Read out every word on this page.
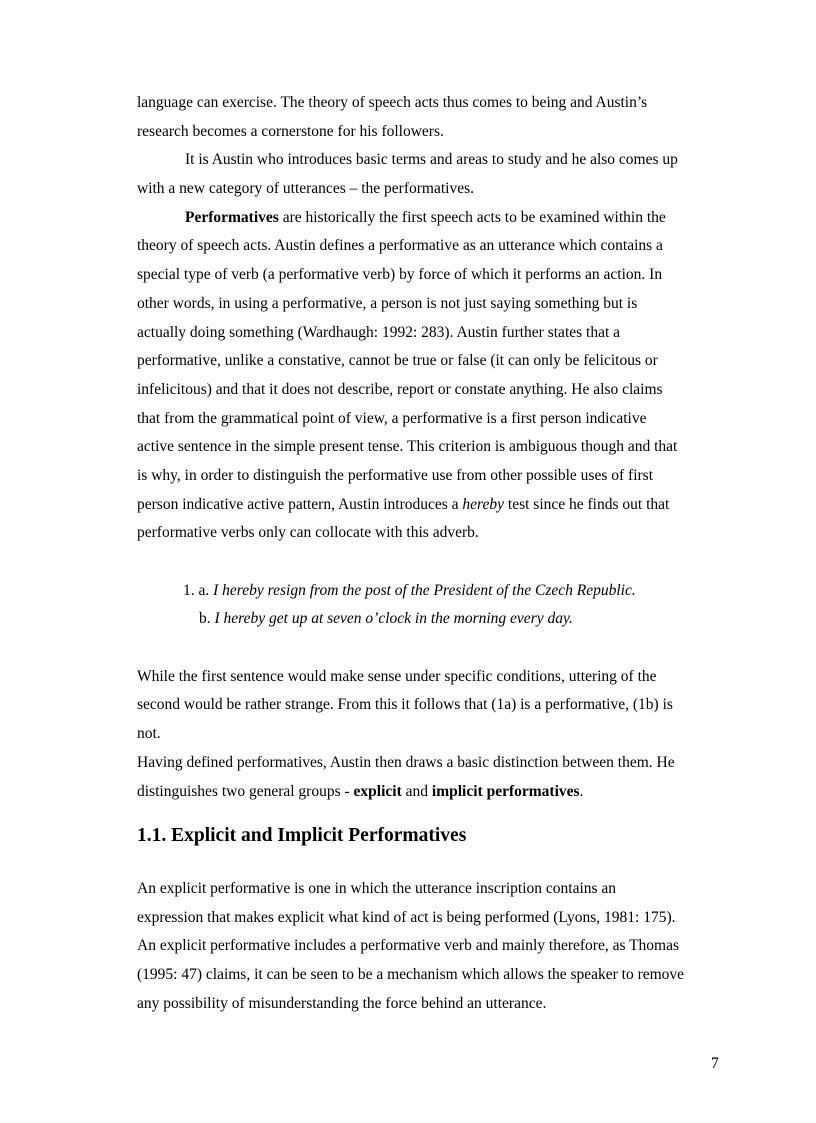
language can exercise. The theory of speech acts thus comes to being and Austin’s
research becomes a cornerstone for his followers.
It is Austin who introduces basic terms and areas to study and he also comes up
with a new category of utterances – the performatives.
Performatives are historically the first speech acts to be examined within the
theory of speech acts. Austin defines a performative as an utterance which contains a
special type of verb (a performative verb) by force of which it performs an action. In
other words, in using a performative, a person is not just saying something but is
actually doing something (Wardhaugh: 1992: 283). Austin further states that a
performative, unlike a constative, cannot be true or false (it can only be felicitous or
infelicitous) and that it does not describe, report or constate anything. He also claims
that from the grammatical point of view, a performative is a first person indicative
active sentence in the simple present tense. This criterion is ambiguous though and that
is why, in order to distinguish the performative use from other possible uses of first
person indicative active pattern, Austin introduces a hereby test since he finds out that
performative verbs only can collocate with this adverb.
1. a. I hereby resign from the post of the President of the Czech Republic.
b. I hereby get up at seven o’clock in the morning every day.
While the first sentence would make sense under specific conditions, uttering of the
second would be rather strange. From this it follows that (1a) is a performative, (1b) is
not.
Having defined performatives, Austin then draws a basic distinction between them. He
distinguishes two general groups - explicit and implicit performatives.
1.1. Explicit and Implicit Performatives
An explicit performative is one in which the utterance inscription contains an
expression that makes explicit what kind of act is being performed (Lyons, 1981: 175).
An explicit performative includes a performative verb and mainly therefore, as Thomas
(1995: 47) claims, it can be seen to be a mechanism which allows the speaker to remove
any possibility of misunderstanding the force behind an utterance.
7
